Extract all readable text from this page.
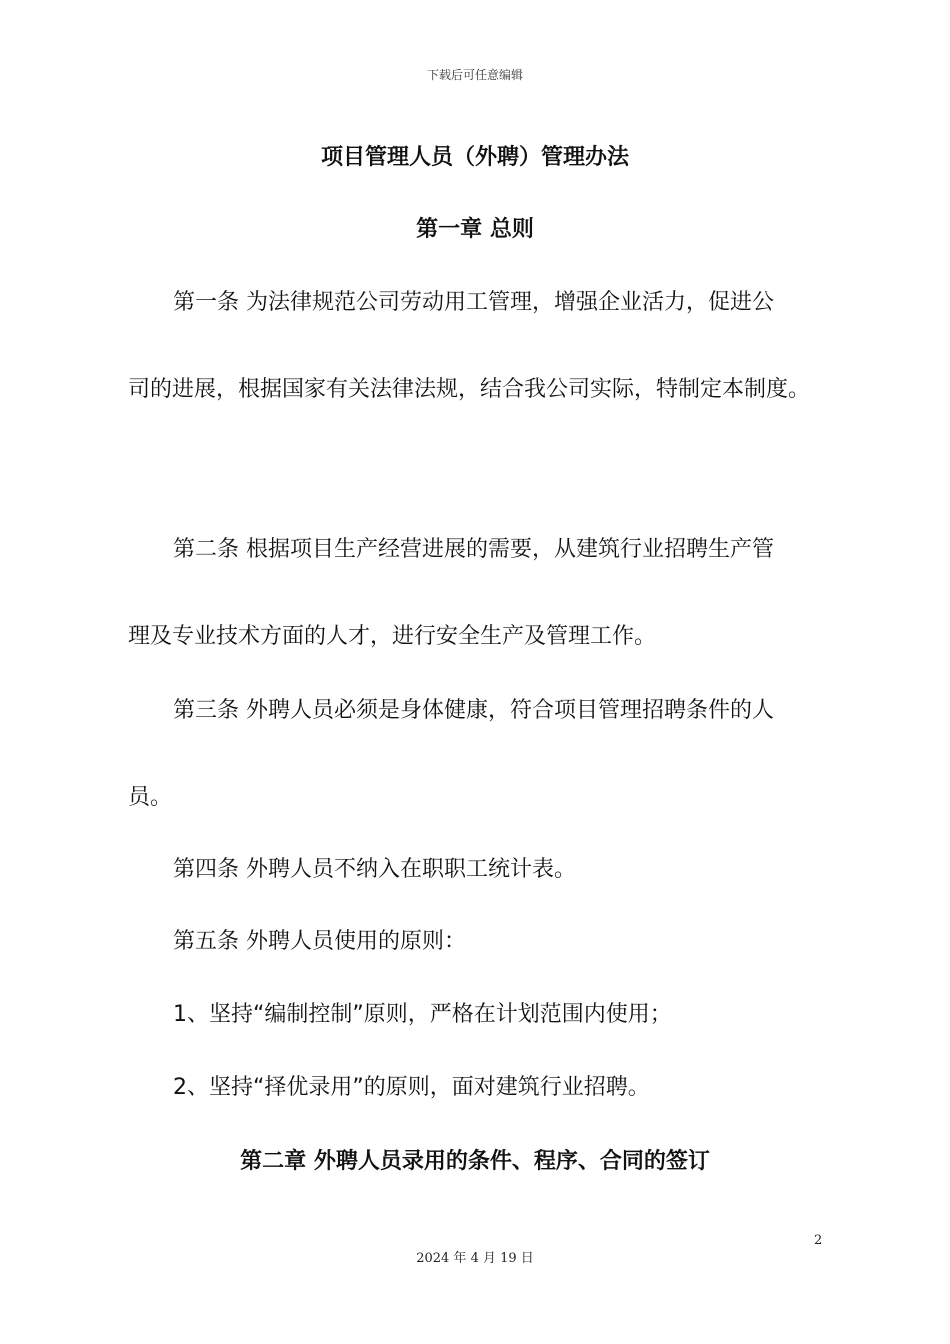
下载后可任意编辑
项目管理人员（外聘）管理办法
第一章 总则
第一条 为法律规范公司劳动用工管理，增强企业活力，促进公
司的进展，根据国家有关法律法规，结合我公司实际，特制定本制度。
第二条 根据项目生产经营进展的需要，从建筑行业招聘生产管
理及专业技术方面的人才，进行安全生产及管理工作。
第三条 外聘人员必须是身体健康，符合项目管理招聘条件的人
员。
第四条 外聘人员不纳入在职职工统计表。
第五条 外聘人员使用的原则：
1、坚持“编制控制”原则，严格在计划范围内使用；
2、坚持“择优录用”的原则，面对建筑行业招聘。
第二章 外聘人员录用的条件、程序、合同的签订
2
2024 年 4 月 19 日
